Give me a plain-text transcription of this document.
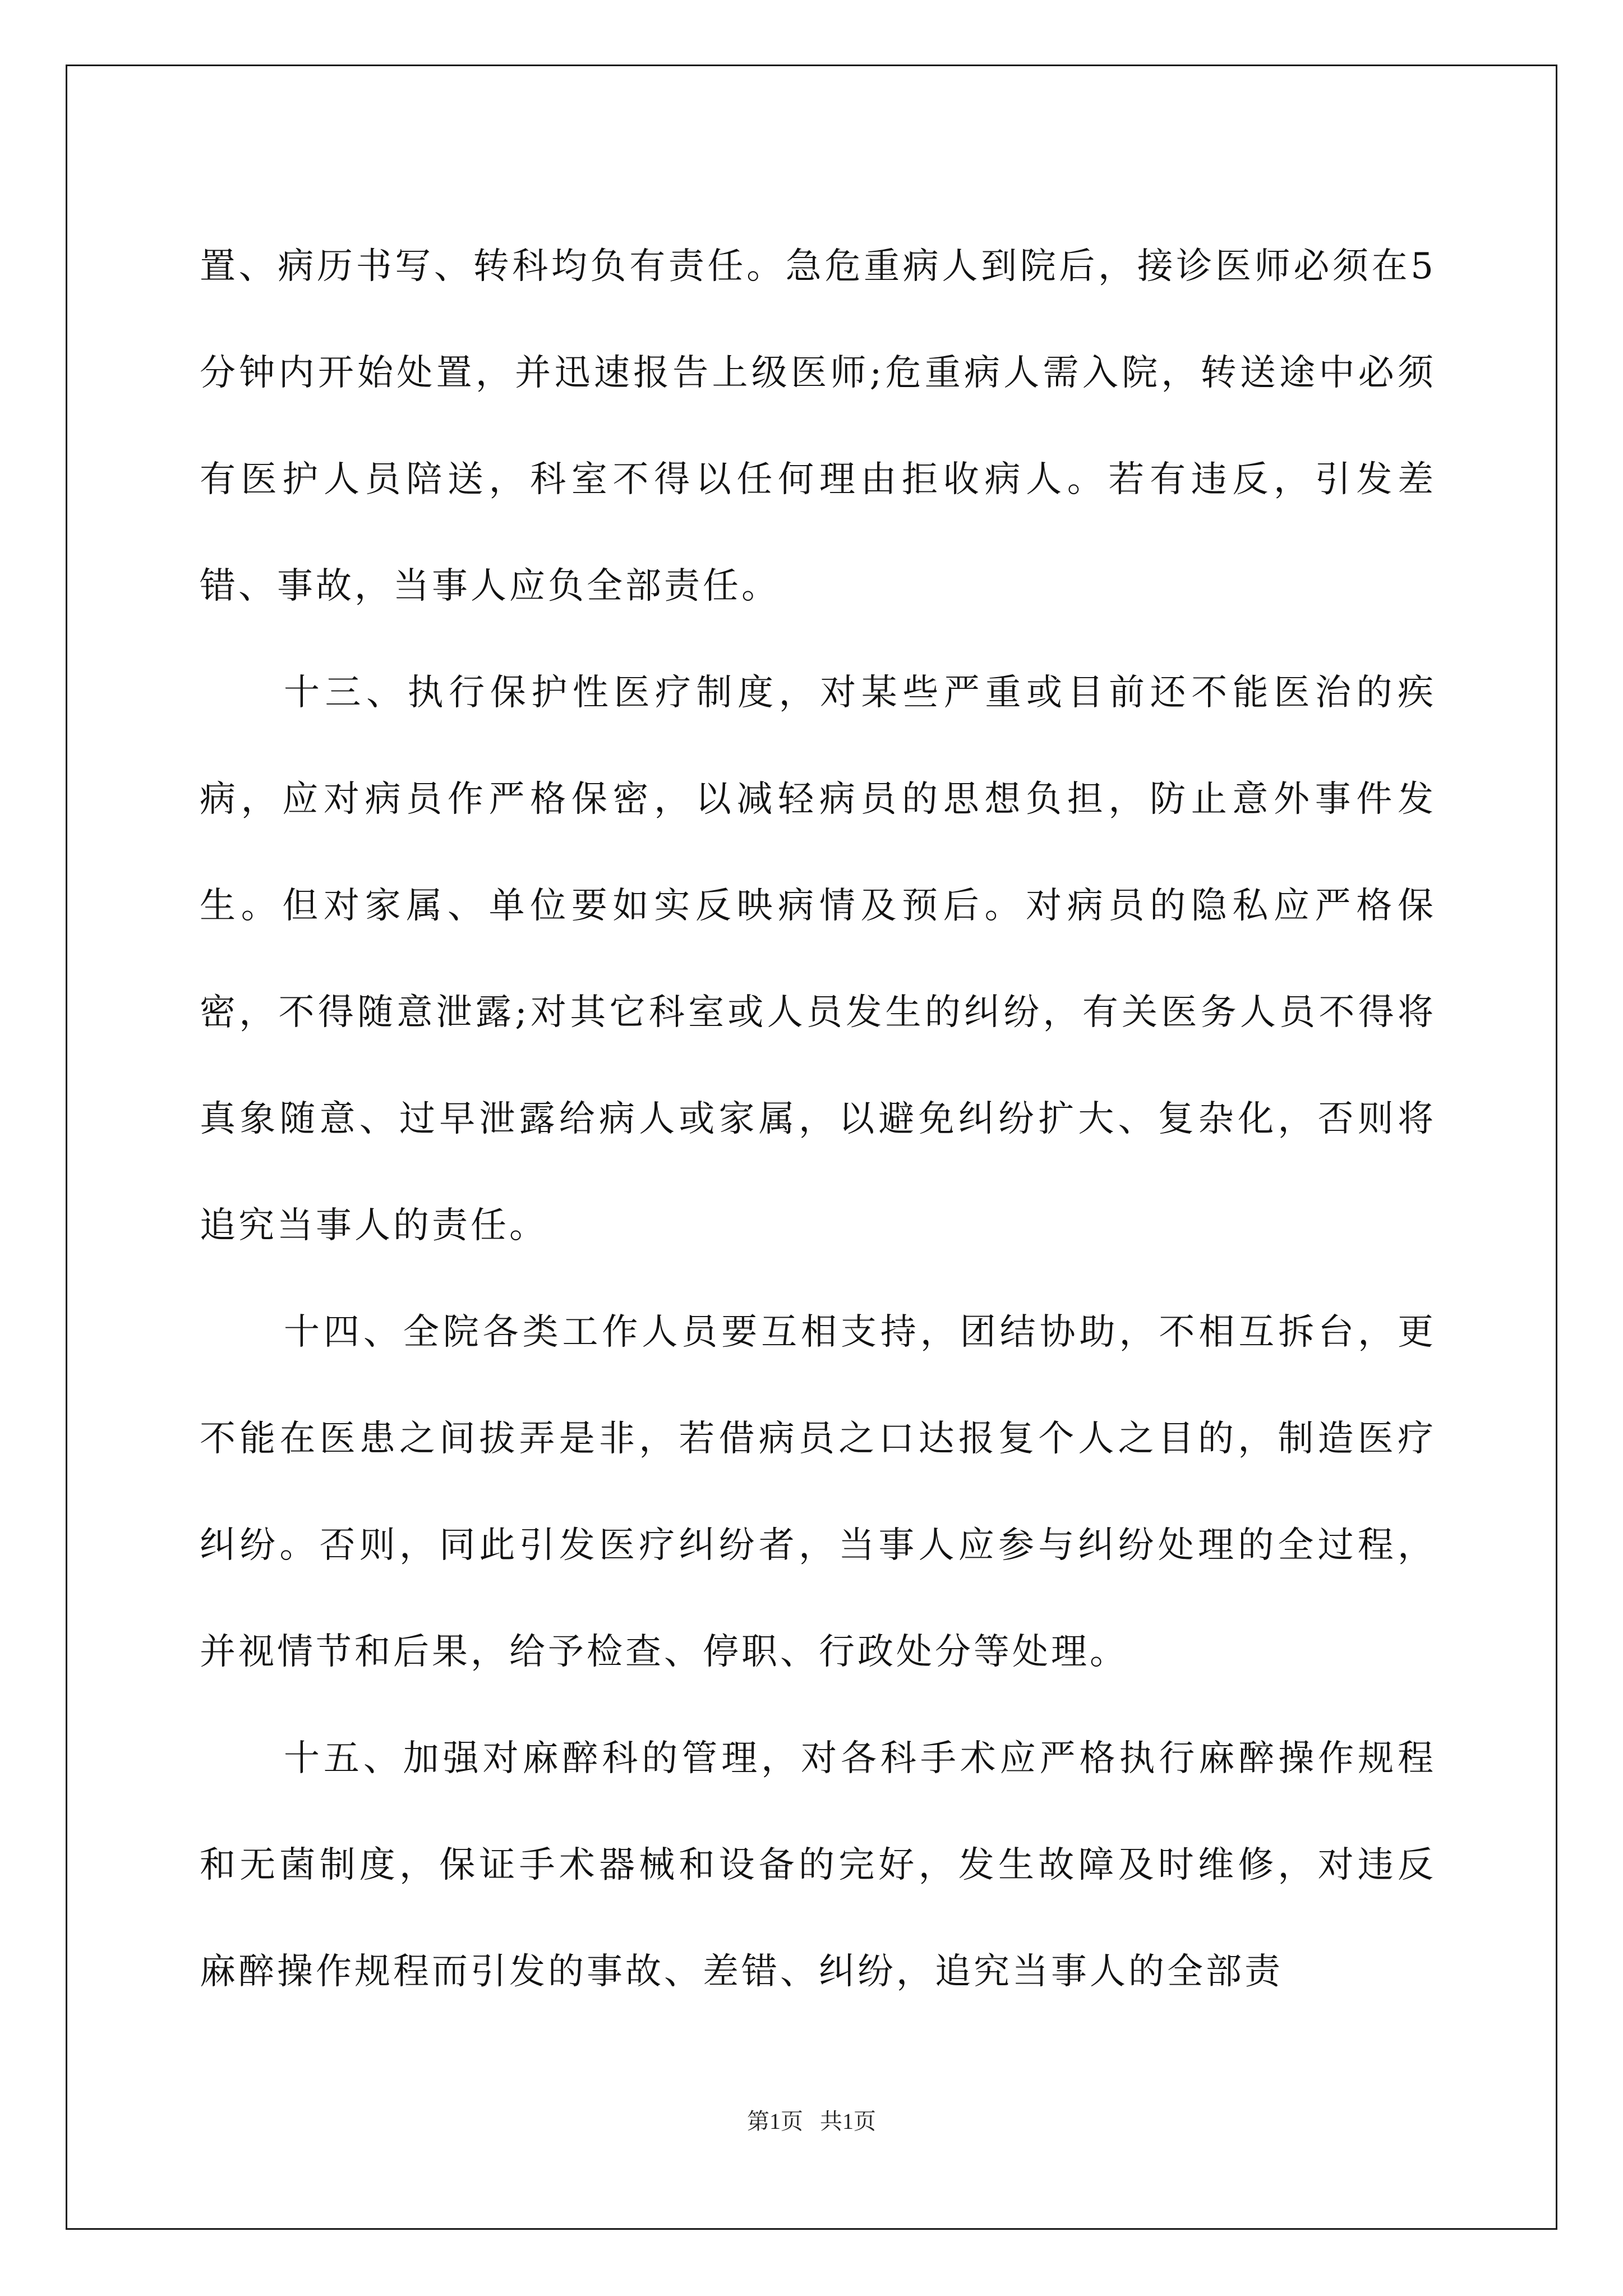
置、病历书写、转科均负有责任。急危重病人到院后，接诊医师必须在5分钟内开始处置，并迅速报告上级医师;危重病人需入院，转送途中必须有医护人员陪送，科室不得以任何理由拒收病人。若有违反，引发差错、事故，当事人应负全部责任。

十三、执行保护性医疗制度，对某些严重或目前还不能医治的疾病，应对病员作严格保密，以减轻病员的思想负担，防止意外事件发生。但对家属、单位要如实反映病情及预后。对病员的隐私应严格保密，不得随意泄露;对其它科室或人员发生的纠纷，有关医务人员不得将真象随意、过早泄露给病人或家属，以避免纠纷扩大、复杂化，否则将追究当事人的责任。

十四、全院各类工作人员要互相支持，团结协助，不相互拆台，更不能在医患之间拔弄是非，若借病员之口达报复个人之目的，制造医疗纠纷。否则，同此引发医疗纠纷者，当事人应参与纠纷处理的全过程，并视情节和后果，给予检查、停职、行政处分等处理。

十五、加强对麻醉科的管理，对各科手术应严格执行麻醉操作规程和无菌制度，保证手术器械和设备的完好，发生故障及时维修，对违反麻醉操作规程而引发的事故、差错、纠纷，追究当事人的全部责

第1页   共1页
